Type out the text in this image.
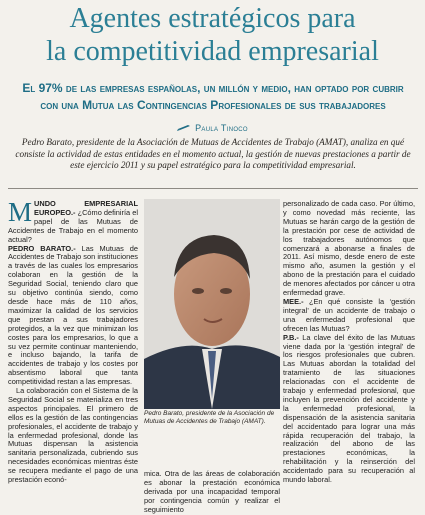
Agentes estratégicos para
la competitividad empresarial
El 97% de las empresas españolas, un millón y medio, han optado por cubrir con una Mutua las Contingencias Profesionales de sus trabajadores
Paula Tinoco
Pedro Barato, presidente de la Asociación de Mutuas de Accidentes de Trabajo (AMAT), analiza en qué consiste la actividad de estas entidades en el momento actual, la gestión de nuevas prestaciones a partir de este ejercicio 2011 y su papel estratégico para la competitividad empresarial.

MUNDO EMPRESARIAL EUROPEO.- ¿Cómo definiría el papel de las Mutuas de Accidentes de Trabajo en el momento actual?

PEDRO BARATO.- Las Mutuas de Accidentes de Trabajo son instituciones a través de las cuales los empresarios colaboran en la gestión de la Seguridad Social, teniendo claro que su objetivo continúa siendo, como desde hace más de 110 años, maximizar la calidad de los servicios que prestan a sus trabajadores protegidos, a la vez que minimizan los costes para los empresarios, lo que a su vez permite continuar manteniendo, e incluso bajando, la tarifa de accidentes de trabajo y los costes por absentismo laboral que tanta competitividad restan a las empresas.

La colaboración con el Sistema de la Seguridad Social se materializa en tres aspectos principales. El primero de ellos es la gestión de las contingencias profesionales, el accidente de trabajo y la enfermedad profesional, donde las Mutuas dispensan la asistencia sanitaria personalizada, cubriendo sus necesidades económicas mientras éste se recupera mediante el pago de una prestación econó-

Pedro Barato, presidente de la Asociación de Mutuas de Accidentes de Trabajo (AMAT).
mica. Otra de las áreas de colaboración es abonar la prestación económica derivada por una incapacidad temporal por contingencia común y realizar el seguimiento

personalizado de cada caso. Por último, y como novedad más reciente, las Mutuas se harán cargo de la gestión de la prestación por cese de actividad de los trabajadores autónomos que comenzará a abonarse a finales de 2011. Así mismo, desde enero de este mismo año, asumen la gestión y el abono de la prestación para el cuidado de menores afectados por cáncer u otra enfermedad grave.

MEE.- ¿En qué consiste la ‘gestión integral’ de un accidente de trabajo o una enfermedad profesional que ofrecen las Mutuas?

P.B.- La clave del éxito de las Mutuas viene dada por la ‘gestión integral’ de los riesgos profesionales que cubren. Las Mutuas abordan la totalidad del tratamiento de las situaciones relacionadas con el accidente de trabajo y enfermedad profesional, que incluyen la prevención del accidente y la enfermedad profesional, la dispensación de la asistencia sanitaria del accidentado para lograr una más rápida recuperación del trabajo, la realización del abono de las prestaciones económicas, la rehabilitación y la reinserción del accidentado para su recuperación al mundo laboral.
